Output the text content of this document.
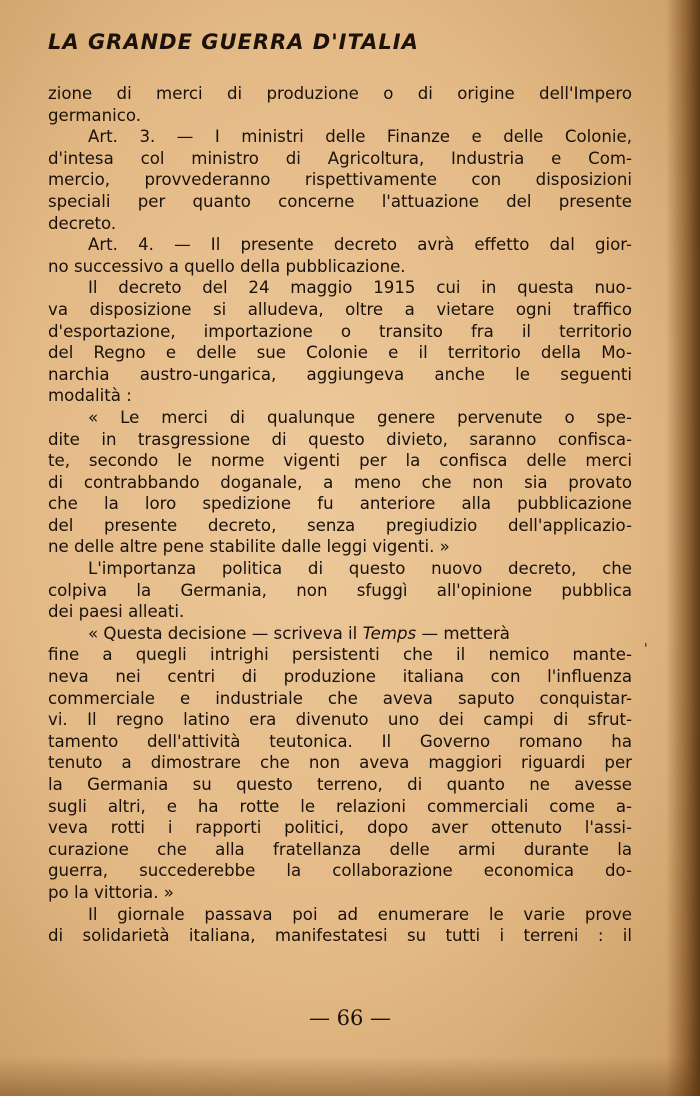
LA GRANDE GUERRA D'ITALIA
zione di merci di produzione o di origine dell'Impero
germanico.
Art. 3. — I ministri delle Finanze e delle Colonie,
d'intesa col ministro di Agricoltura, Industria e Com-
mercio, provvederanno rispettivamente con disposizioni
speciali per quanto concerne l'attuazione del presente
decreto.
Art. 4. — Il presente decreto avrà effetto dal gior-
no successivo a quello della pubblicazione.
Il decreto del 24 maggio 1915 cui in questa nuo-
va disposizione si alludeva, oltre a vietare ogni traffico
d'esportazione, importazione o transito fra il territorio
del Regno e delle sue Colonie e il territorio della Mo-
narchia austro-ungarica, aggiungeva anche le seguenti
modalità :
« Le merci di qualunque genere pervenute o spe-
dite in trasgressione di questo divieto, saranno confisca-
te, secondo le norme vigenti per la confisca delle merci
di contrabbando doganale, a meno che non sia provato
che la loro spedizione fu anteriore alla pubblicazione
del presente decreto, senza pregiudizio dell'applicazio-
ne delle altre pene stabilite dalle leggi vigenti. »
L'importanza politica di questo nuovo decreto, che
colpiva la Germania, non sfuggì all'opinione pubblica
dei paesi alleati.
« Questa decisione — scriveva il Temps — metterà
fine a quegli intrighi persistenti che il nemico mante-
neva nei centri di produzione italiana con l'influenza
commerciale e industriale che aveva saputo conquistar-
vi. Il regno latino era divenuto uno dei campi di sfrut-
tamento dell'attività teutonica. Il Governo romano ha
tenuto a dimostrare che non aveva maggiori riguardi per
la Germania su questo terreno, di quanto ne avesse
sugli altri, e ha rotte le relazioni commerciali come a-
veva rotti i rapporti politici, dopo aver ottenuto l'assi-
curazione che alla fratellanza delle armi durante la
guerra, succederebbe la collaborazione economica do-
po la vittoria. »
Il giornale passava poi ad enumerare le varie prove
di solidarietà italiana, manifestatesi su tutti i terreni : il
'
— 66 —
